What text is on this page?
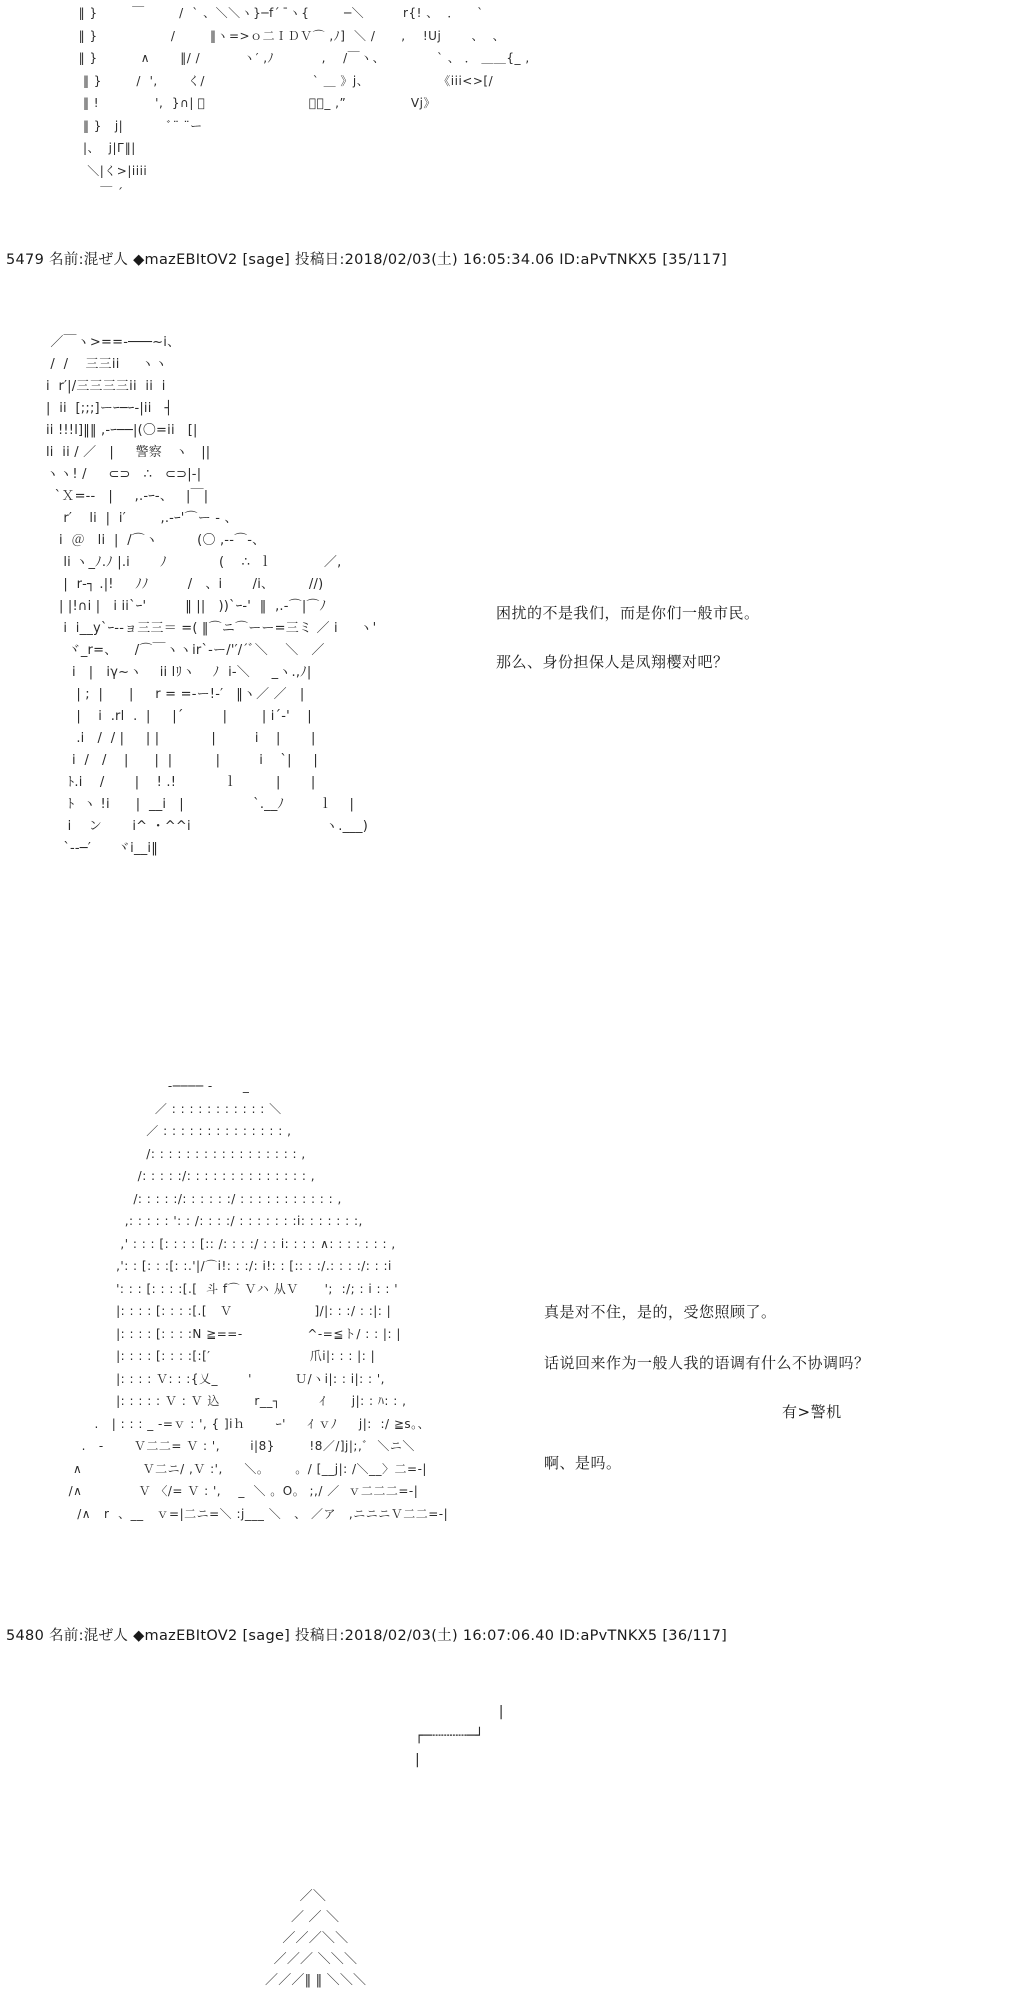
‖ }        ￣        /  ` 、＼＼ヽ}─f´  ̄ヽ{        ─＼         r{! 、  ．    `
‖ }                 /        ‖ヽ=>ｏ二ＩＤＶ⌒ ,ﾉ]  ＼ /      ,    !Uj       、  、
‖ }          ∧       ‖/ /          ヽ′ ,ﾉ           ,    /￣ヽ、            ` 、 ． ＿＿{_ ,
‖ }        /  ',       く/                         ` ＿ 》j、                《iii<>[/
‖ !             ',  }∩| ﾞ                        《＿_ ,”               Vj》
‖ }   j|          ﾞ¨ ¨ー
|、  j|Г‖|
＼|く>|iiii
￣ ´
5479 名前:混ぜ人 ◆mazEBItOV2 [sage] 投稿日:2018/02/03(土) 16:05:34.06 ID:aPvTNKX5 [35/117]
／￣ヽ>==‐───~i、
/  /    三三ii     ヽヽ
i  r′|/三三三三ii  ii  i
|  ii  [;;;]ーｰ─ｰ‐|ii   ┤
ii !!!l]‖‖ ,-ｰ──|(〇=ii   [|
li  ii / ／   |     警察   ヽ   ||
ヽヽ! /     ⊂⊃   ∴   ⊂⊃|-|
`Ｘ=‐-   |     ,.-ｰ-、   |￣|
r′    li  |  i′        ,.-ｰ'⌒ー ‐ 、
i  ＠   li  |  /⌒ヽ         (〇 ,-‐⌒-、
li ヽ_ﾉ.ﾉ |.i       ﾉ            (    ∴  ｌ            ／,
|  r‐┐ .|!     ﾉﾉ         /   、i       /i、        //)
| |!∩i |   i ii`ｰ'         ‖ ||   ))`ｰ‐'  ‖  ,.-⌒|⌒ﾉ
i  i__y`ｰ--ョ三三＝ =( ‖⌒ニ⌒ーー=三ミ ／ i     ヽ'
ヾ_r=、    /⌒￣ヽヽir`‐ー/'′/´ﾞ＼    ＼   ／
i   |   iγ~ヽ    ii lﾘヽ    ﾉ  i-＼     _ヽ.,ﾉ|
| ;  |      |     r = =‐ー!-′   ‖ヽ／ ／   |
|    i  .rl  .  |     |´         |        | i´-'    |
.i   /  / |     | |            |         i    |       |
i  /   /    |      |  |          |         i    `|     |
ﾄ.i    /       |    ! .!           ｌ         |       |
ﾄ  ヽ !i      |  __i   |                `.__ﾉ        ｌ    |
i    ン       i^ ・^^i                               ヽ.___)
`‐‐─′      ヾi__i‖
困扰的不是我们，而是你们一般市民。
那么、身份担保人是凤翔樱对吧？
-──── -       _
／ : : : : : : : : : : : ＼
／ : : : : : : : : : : : : : : ,
/: : : : : : : : : : : : : : : : : ,
/: : : : :/: : : : : : : : : : : : : : ,
/: : : : :/: : : : : :/ : : : : : : : : : : : ,
,: : : : : ': : /: : : :/ : : : : : : :i: : : : : : :,
,' : : : [: : : : [:: /: : : :/ : : i: : : : ∧: : : : : : : ,
,': : [: : :[: :.'|/⌒i!: : :/: i!: : [:: : :/.: : : :/: : :i
': : : [: : : :[.[  斗 f⌒ Ｖハ 从Ｖ      ';  :/; : i : : '
|: : : : [: : : :[.[   Ｖ                   ]/|: : :/ : :|: |
|: : : : [: : : :N ≧==‐               ^‐=≦ト/ : : |: |
|: : : : [: : : :[:[′                       爪i|: : : |: |
|: : : : Ｖ: : :{乂_       '          Ｕ/ヽi|: : i|: : ',
|: : : : : Ｖ : Ｖ 込        r__┐         ｲ      j|: : ﾊ: : ,
.   | : : : _ ‐=ｖ : ', { ]iｈ       ｰ'     ｲ ｖﾉ     j|:  :/ ≧s。、
.   -       Ｖ二二= Ｖ : ',       i|8}        !8／/]j|;,ﾞ  ＼ニ＼
∧              Ｖ二ニ/ ,Ｖ :',     ＼。      。/ [__j|: /＼__〉二=-|
/∧             Ｖ 〈/= Ｖ : ',    _  ＼ 。O。 ;,/ ／  ｖ二二二=-|
/∧   r  、__   ｖ=|二ニ=＼ :j___ ＼   、 ／ア   ,ニニニＶ二二=-|
真是对不住，是的，受您照顾了。
话说回来作为一般人我的语调有什么不协调吗？
有>警机
啊、是吗。
5480 名前:混ぜ人 ◆mazEBItOV2 [sage] 投稿日:2018/02/03(土) 16:07:06.40 ID:aPvTNKX5 [36/117]
|
┌─┄┄┄┄─┘
|
／＼
／ ／ ＼
／／／＼＼
／／／ ＼＼＼
／／／‖ ‖ ＼＼＼
